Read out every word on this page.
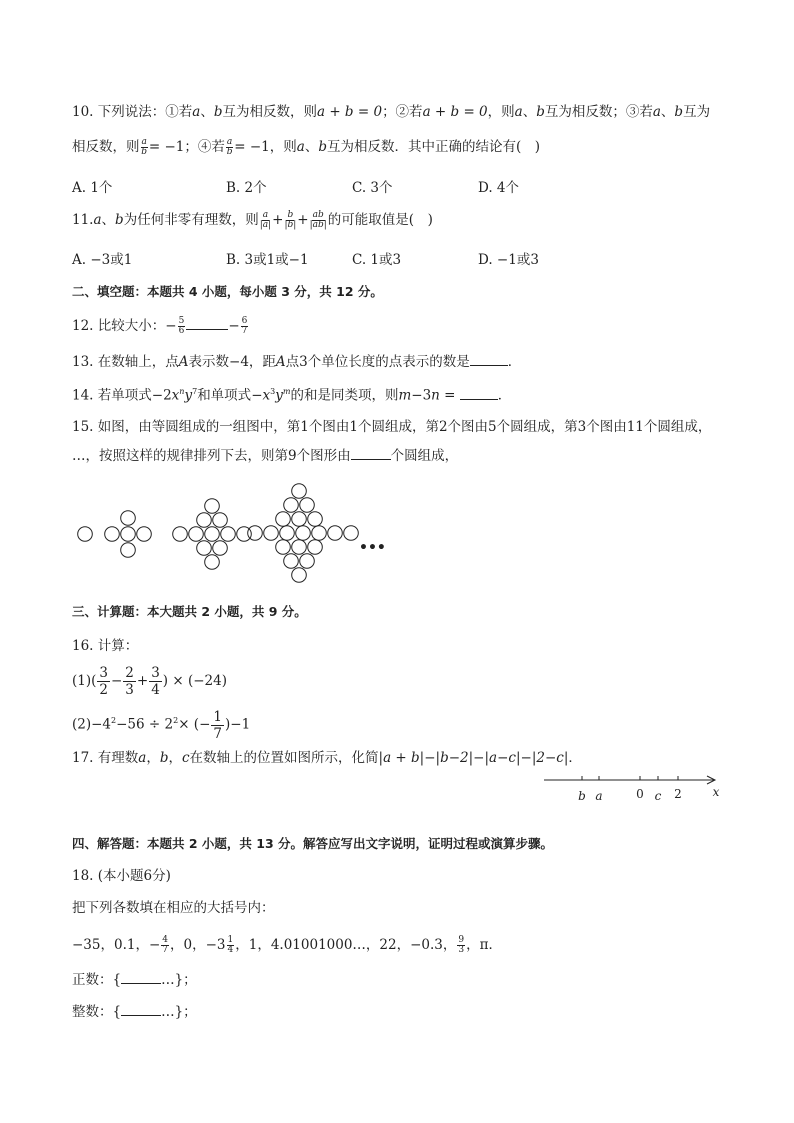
10. 下列说法：①若a、b互为相反数，则a + b = 0；②若a + b = 0，则a、b互为相反数；③若a、b互为
相反数，则 $\frac{a}{b} = -1$；④若 $\frac{a}{b} = -1$，则a、b互为相反数．其中正确的结论有(　)
A. 1个	B. 2个	C. 3个	D. 4个
11.a、b为任何非零有理数，则 $\frac{a}{|a|} + \frac{b}{|b|} + \frac{ab}{|ab|}$ 的可能取值是(　)
A. −3或1	B. 3或1或−1	C. 1或3	D. −1或3
二、填空题：本题共 4 小题，每小题 3 分，共 12 分。
12. 比较大小：− $\frac{5}{6}$	− $\frac{6}{7}$
13. 在数轴上，点A表示数−4，距A点3个单位长度的点表示的数是	．
14. 若单项式$-2x^ny^7$和单项式$-x^3y^m$的和是同类项，则m−3n =	．
15. 如图，由等圆组成的一组图中，第1个图由1个圆组成，第2个图由5个圆组成，第3个图由11个圆组成，
…，按照这样的规律排列下去，则第9个图形由	个圆组成，
•••
三、计算题：本大题共 2 小题，共 9 分。
16. 计算：
$(1)( \frac{3}{2} - \frac{2}{3} + \frac{3}{4}$ ) × (−24)
$(2)-4^2-56 \div 2^2\times$ (− $\frac{1}{7} )-1$
17. 有理数a，b，c在数轴上的位置如图所示，化简|a + b|−|b−2|−|a−c|−|2−c|．
b a	0 c 2	x
四、解答题：本题共 2 小题，共 13 分。解答应写出文字说明，证明过程或演算步骤。
18. (本小题6分)
把下列各数填在相应的大括号内：
−35，0.1，− $\frac{4}{7}$ ，0，$-3 \frac{1}{4}$ ，1，4.01001000…，22，−0.3， $\frac{9}{3}$ ，π．
正数：{	…}；
整数：{	…}；
